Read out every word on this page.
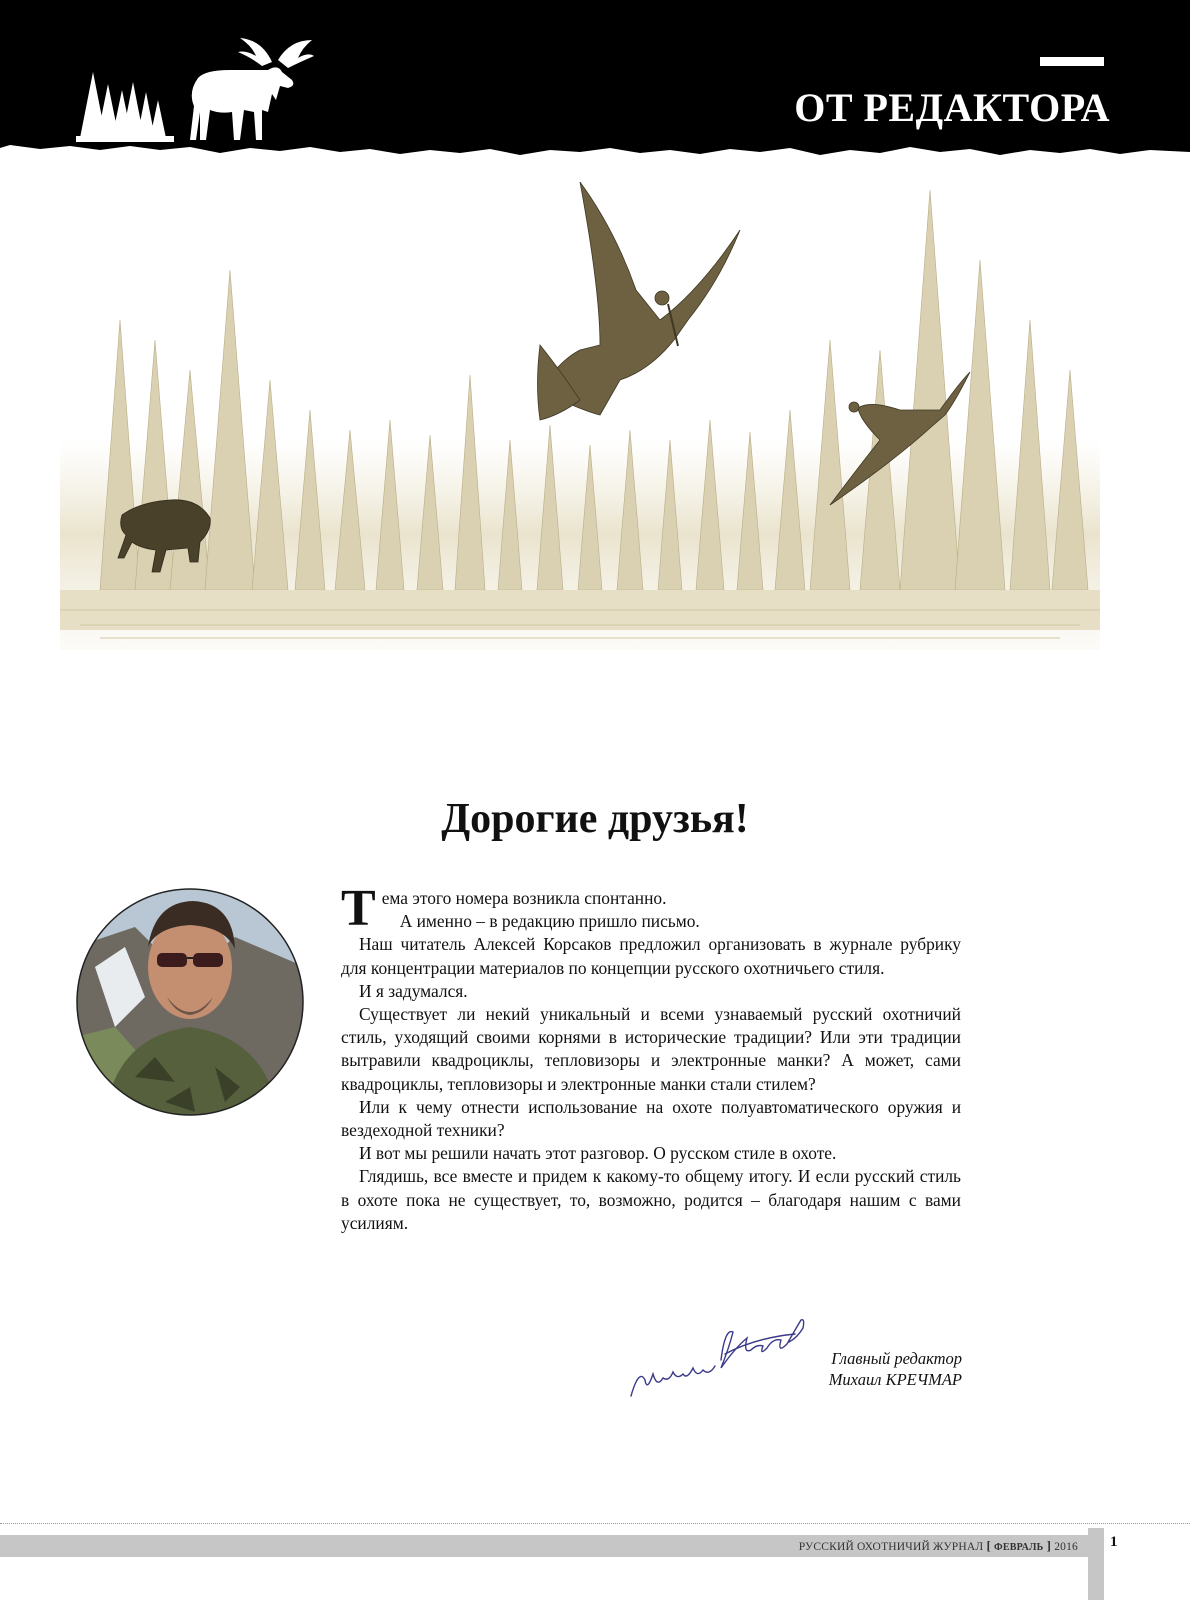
ОТ РЕДАКТОРА
Дорогие друзья!

Тема этого номера возникла спонтанно.

А именно – в редакцию пришло письмо.

Наш читатель Алексей Корсаков предложил организовать в журнале рубрику для концентрации материалов по концепции русского охотничьего стиля.

И я задумался.

Существует ли некий уникальный и всеми узнаваемый русский охотничий стиль, уходящий своими корнями в исторические традиции? Или эти традиции вытравили квадроциклы, тепловизоры и электронные манки? А может, сами квадроциклы, тепловизоры и электронные манки стали стилем?

Или к чему отнести использование на охоте полуавтоматического оружия и вездеходной техники?

И вот мы решили начать этот разговор. О русском стиле в охоте.

Глядишь, все вместе и придем к какому-то общему итогу. И если русский стиль в охоте пока не существует, то, возможно, родится – благодаря нашим с вами усилиям.

Главный редактор
Михаил КРЕЧМАР
РУССКИЙ ОХОТНИЧИЙ ЖУРНАЛ [ ФЕВРАЛЬ ] 2016 1
